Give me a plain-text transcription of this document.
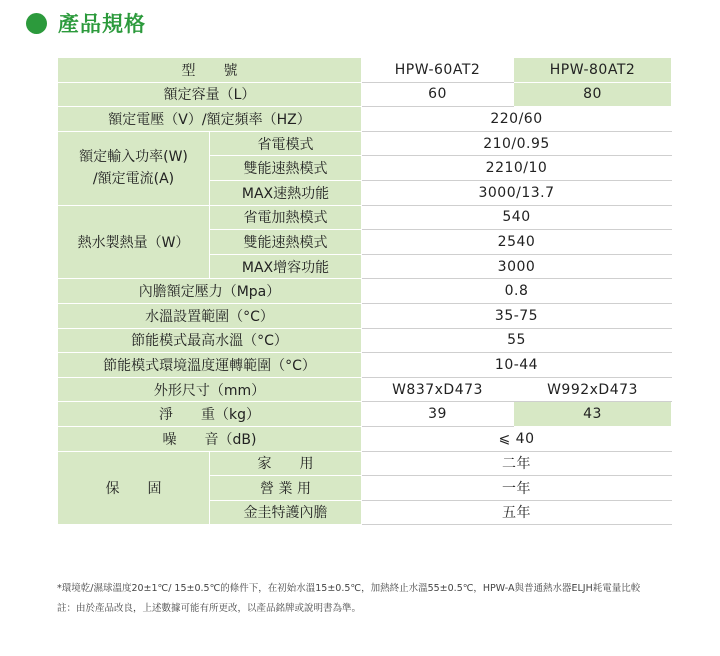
產品規格
型　　號		HPW-60AT2	HPW-80AT2
額定容量（L）		60	80
額定電壓（V）/額定頻率（HZ）		220/60	
額定輸入功率(W)
/額定電流(A)	省電模式	210/0.95	
	雙能速熱模式	2210/10	
	MAX速熱功能	3000/13.7	
熱水製熱量（W）	省電加熱模式	540	
	雙能速熱模式	2540	
	MAX增容功能	3000	
內膽額定壓力（Mpa）		0.8	
水溫設置範圍（°C）		35-75	
節能模式最高水溫（°C）		55	
節能模式環境溫度運轉範圍（°C）		10-44	
外形尺寸（mm）		W837xD473	W992xD473
淨　　重（kg）		39	43
噪　　音（dB)		⩽ 40	
保　　固	家　　用	二年	
	營 業 用	一年	
	金圭特護內膽	五年	

*環境乾/濕球溫度20±1℃/ 15±0.5℃的條件下，在初始水溫15±0.5℃，加熱終止水溫55±0.5℃，HPW-A與普通熱水器ELJH耗電量比較

註：由於產品改良，上述數據可能有所更改，以產品銘牌或說明書為準。
